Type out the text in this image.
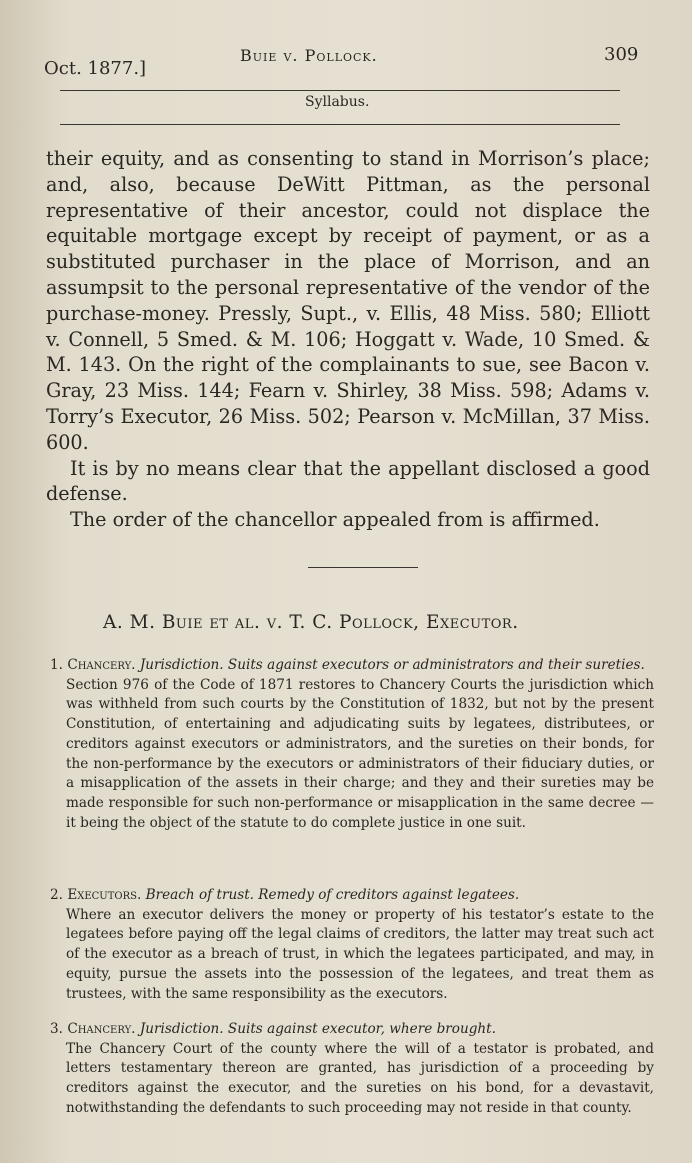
Oct. 1877.]
Buie v. Pollock.	309
Syllabus.

their equity, and as consenting to stand in Morrison’s place; and, also, because DeWitt Pittman, as the personal representative of their ancestor, could not displace the equitable mortgage except by receipt of payment, or as a substituted purchaser in the place of Morrison, and an assumpsit to the personal representative of the vendor of the purchase-money. Pressly, Supt., v. Ellis, 48 Miss. 580; Elliott v. Connell, 5 Smed. & M. 106; Hoggatt v. Wade, 10 Smed. & M. 143. On the right of the complainants to sue, see Bacon v. Gray, 23 Miss. 144; Fearn v. Shirley, 38 Miss. 598; Adams v. Torry’s Executor, 26 Miss. 502; Pearson v. McMillan, 37 Miss. 600.

It is by no means clear that the appellant disclosed a good defense.

The order of the chancellor appealed from is affirmed.

A. M. Buie et al. v. T. C. Pollock, Executor.
1. Chancery. Jurisdiction. Suits against executors or administrators and their sureties.

Section 976 of the Code of 1871 restores to Chancery Courts the jurisdiction which was withheld from such courts by the Constitution of 1832, but not by the present Constitution, of entertaining and adjudicating suits by legatees, distributees, or creditors against executors or administrators, and the sureties on their bonds, for the non-performance by the executors or administrators of their fiduciary duties, or a misapplication of the assets in their charge; and they and their sureties may be made responsible for such non-performance or misapplication in the same decree — it being the object of the statute to do complete justice in one suit.

2. Executors. Breach of trust. Remedy of creditors against legatees.

Where an executor delivers the money or property of his testator’s estate to the legatees before paying off the legal claims of creditors, the latter may treat such act of the executor as a breach of trust, in which the legatees participated, and may, in equity, pursue the assets into the possession of the legatees, and treat them as trustees, with the same responsibility as the executors.

3. Chancery. Jurisdiction. Suits against executor, where brought.

The Chancery Court of the county where the will of a testator is probated, and letters testamentary thereon are granted, has jurisdiction of a proceeding by creditors against the executor, and the sureties on his bond, for a devastavit, notwithstanding the defendants to such proceeding may not reside in that county.
